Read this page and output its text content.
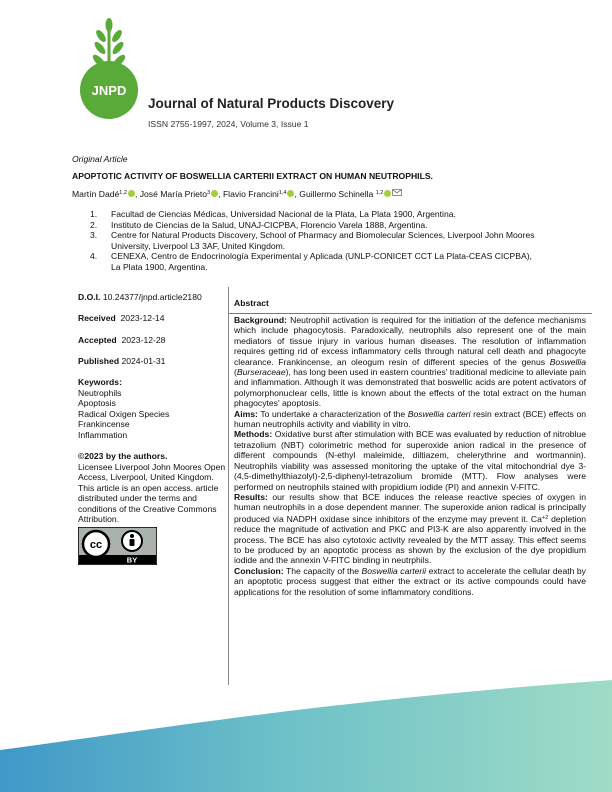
JNPD
Journal of Natural Products Discovery
ISSN 2755-1997, 2024, Volume 3, Issue 1
Original Article
APOPTOTIC ACTIVITY OF BOSWELLIA CARTERII EXTRACT ON HUMAN NEUTROPHILS.
Martín Dadé$^{1,2}$ , José María Prieto$^3$ , Flavio Francini$^{1,4}$ , Guillermo Schinella $^{1,2}$
1.	Facultad de Ciencias Médicas, Universidad Nacional de la Plata, La Plata 1900, Argentina.
2.	Instituto de Ciencias de la Salud, UNAJ-CICPBA, Florencio Varela 1888, Argentina.
3.	Centre for Natural Products Discovery, School of Pharmacy and Biomolecular Sciences, Liverpool John Moores University, Liverpool L3 3AF, United Kingdom.
4.	CENEXA, Centro de Endocrinología Experimental y Aplicada (UNLP-CONICET CCT La Plata-CEAS CICPBA), La Plata 1900, Argentina.
D.O.I. 10.24377/jnpd.article2180
Received 2023-12-14
Accepted 2023-12-28
Published 2024-01-31
Keywords:
Neutrophils
Apoptosis
Radical Oxigen Species
Frankincense
Inflammation
©2023 by the authors.
Licensee Liverpool John Moores Open Access, Liverpool, United Kingdom.
This article is an open access. article distributed under the terms and conditions of the Creative Commons Attribution.
cc
BY
Abstract

Background: Neutrophil activation is required for the initiation of the defence mechanisms which include phagocytosis. Paradoxically, neutrophils also represent one of the main mediators of tissue injury in various human diseases. The resolution of inflammation requires getting rid of excess inflammatory cells through natural cell death and phagocyte clearance. Frankincense, an oleogum resin of different species of the genus Boswellia (Burseraceae), has long been used in eastern countries' traditional medicine to alleviate pain and inflammation. Although it was demonstrated that boswellic acids are potent activators of polymorphonuclear cells, little is known about the effects of the total extract on the human phagocytes' apoptosis.

Aims: To undertake a characterization of the Boswellia carteri resin extract (BCE) effects on human neutrophils activity and viability in vitro.

Methods: Oxidative burst after stimulation with BCE was evaluated by reduction of nitroblue tetrazolium (NBT) colorimetric method for superoxide anion radical in the presence of different compounds (N-ethyl maleimide, diltiazem, chelerythrine and wortmannin). Neutrophils viability was assessed monitoring the uptake of the vital mitochondrial dye 3-(4,5-dimethylthiazolyl)-2,5-diphenyl-tetrazolium bromide (MTT). Flow analyses were performed on neutrophils stained with propidium iodide (PI) and annexin V-FITC.

Results: our results show that BCE induces the release reactive species of oxygen in human neutrophils in a dose dependent manner. The superoxide anion radical is principally produced via NADPH oxidase since inhibitors of the enzyme may prevent it. $Ca^{+2}$ depletion reduce the magnitude of activation and PKC and PI3-K are also apparently involved in the process. The BCE has also cytotoxic activity revealed by the MTT assay. This effect seems to be produced by an apoptotic process as shown by the exclusion of the dye propidium iodide and the annexin V-FITC binding in neutrphils.

Conclusion: The capacity of the Boswellia carterii extract to accelerate the cellular death by an apoptotic process suggest that either the extract or its active compounds could have applications for the resolution of some inflammatory conditions.
